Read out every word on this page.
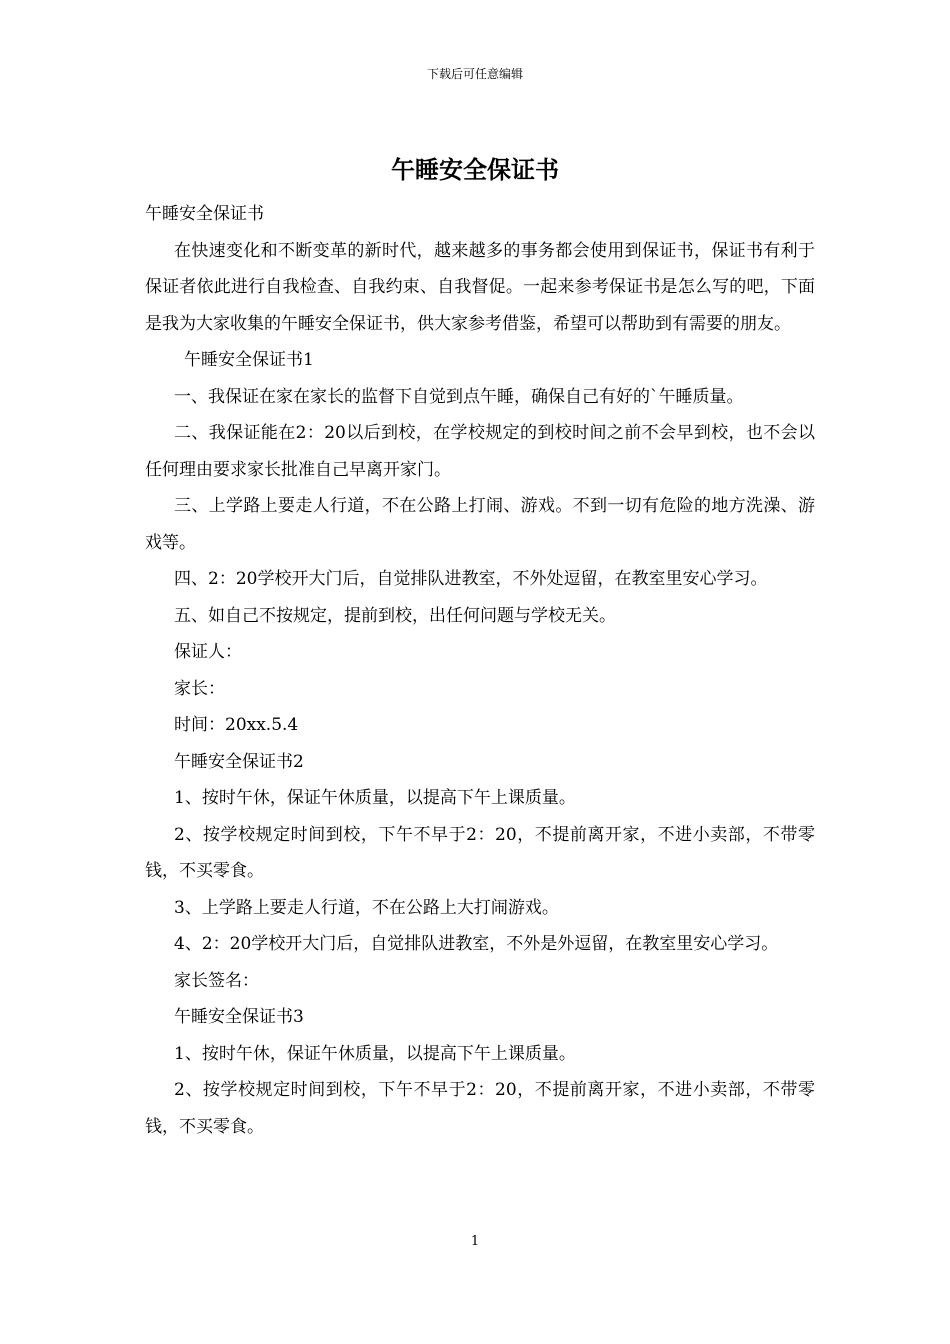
下载后可任意编辑
午睡安全保证书

午睡安全保证书

在快速变化和不断变革的新时代，越来越多的事务都会使用到保证书，保证书有利于保证者依此进行自我检查、自我约束、自我督促。一起来参考保证书是怎么写的吧，下面是我为大家收集的午睡安全保证书，供大家参考借鉴，希望可以帮助到有需要的朋友。

午睡安全保证书1

一、我保证在家在家长的监督下自觉到点午睡，确保自己有好的`午睡质量。

二、我保证能在2：20以后到校，在学校规定的到校时间之前不会早到校，也不会以任何理由要求家长批准自己早离开家门。

三、上学路上要走人行道，不在公路上打闹、游戏。不到一切有危险的地方洗澡、游戏等。

四、2：20学校开大门后，自觉排队进教室，不外处逗留，在教室里安心学习。

五、如自己不按规定，提前到校，出任何问题与学校无关。

保证人：

家长：

时间：20xx.5.4

午睡安全保证书2

1、按时午休，保证午休质量，以提高下午上课质量。

2、按学校规定时间到校，下午不早于2：20，不提前离开家，不进小卖部，不带零钱，不买零食。

3、上学路上要走人行道，不在公路上大打闹游戏。

4、2：20学校开大门后，自觉排队进教室，不外是外逗留，在教室里安心学习。

家长签名：

午睡安全保证书3

1、按时午休，保证午休质量，以提高下午上课质量。

2、按学校规定时间到校，下午不早于2：20，不提前离开家，不进小卖部，不带零钱，不买零食。

1
